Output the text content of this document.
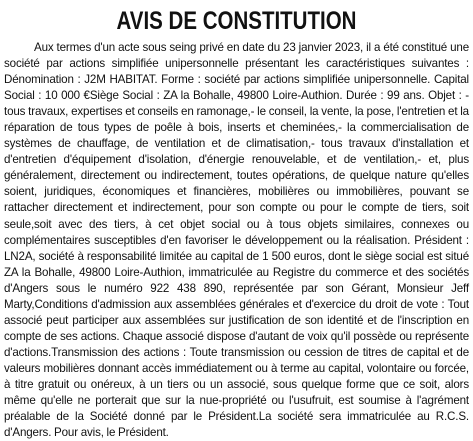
AVIS DE CONSTITUTION

Aux termes d'un acte sous seing privé en date du 23 janvier 2023, il a été constitué une société par actions simplifiée unipersonnelle présentant les caractéristiques suivantes : Dénomination : J2M HABITAT. Forme : société par actions simplifiée unipersonnelle. Capital Social : 10 000 €Siège Social : ZA la Bohalle, 49800 Loire-Authion. Durée : 99 ans. Objet : - tous travaux, expertises et conseils en ramonage,- le conseil, la vente, la pose, l'entretien et la réparation de tous types de poêle à bois, inserts et cheminées,- la commercialisation de systèmes de chauffage, de ventilation et de climatisation,- tous travaux d'installation et d'entretien d'équipement d'isolation, d'énergie renouvelable, et de ventilation,- et, plus généralement, directement ou indirectement, toutes opérations, de quelque nature qu'elles soient, juridiques, économiques et financières, mobilières ou immobilières, pouvant se rattacher directement et indirectement, pour son compte ou pour le compte de tiers, soit seule,soit avec des tiers, à cet objet social ou à tous objets similaires, connexes ou complémentaires susceptibles d'en favoriser le développement ou la réalisation. Président : LN2A, société à responsabilité limitée au capital de 1 500 euros, dont le siège social est situé ZA la Bohalle, 49800 Loire-Authion, immatriculée au Registre du commerce et des sociétés d'Angers sous le numéro 922 438 890, représentée par son Gérant, Monsieur Jeff Marty,Conditions d'admission aux assemblées générales et d'exercice du droit de vote : Tout associé peut participer aux assemblées sur justification de son identité et de l'inscription en compte de ses actions. Chaque associé dispose d'autant de voix qu'il possède ou représente d'actions.Transmission des actions : Toute transmission ou cession de titres de capital et de valeurs mobilières donnant accès immédiatement ou à terme au capital, volontaire ou forcée, à titre gratuit ou onéreux, à un tiers ou un associé, sous quelque forme que ce soit, alors même qu'elle ne porterait que sur la nue-propriété ou l'usufruit, est soumise à l'agrément préalable de la Société donné par le Président.La société sera immatriculée au R.C.S. d'Angers. Pour avis, le Président.
